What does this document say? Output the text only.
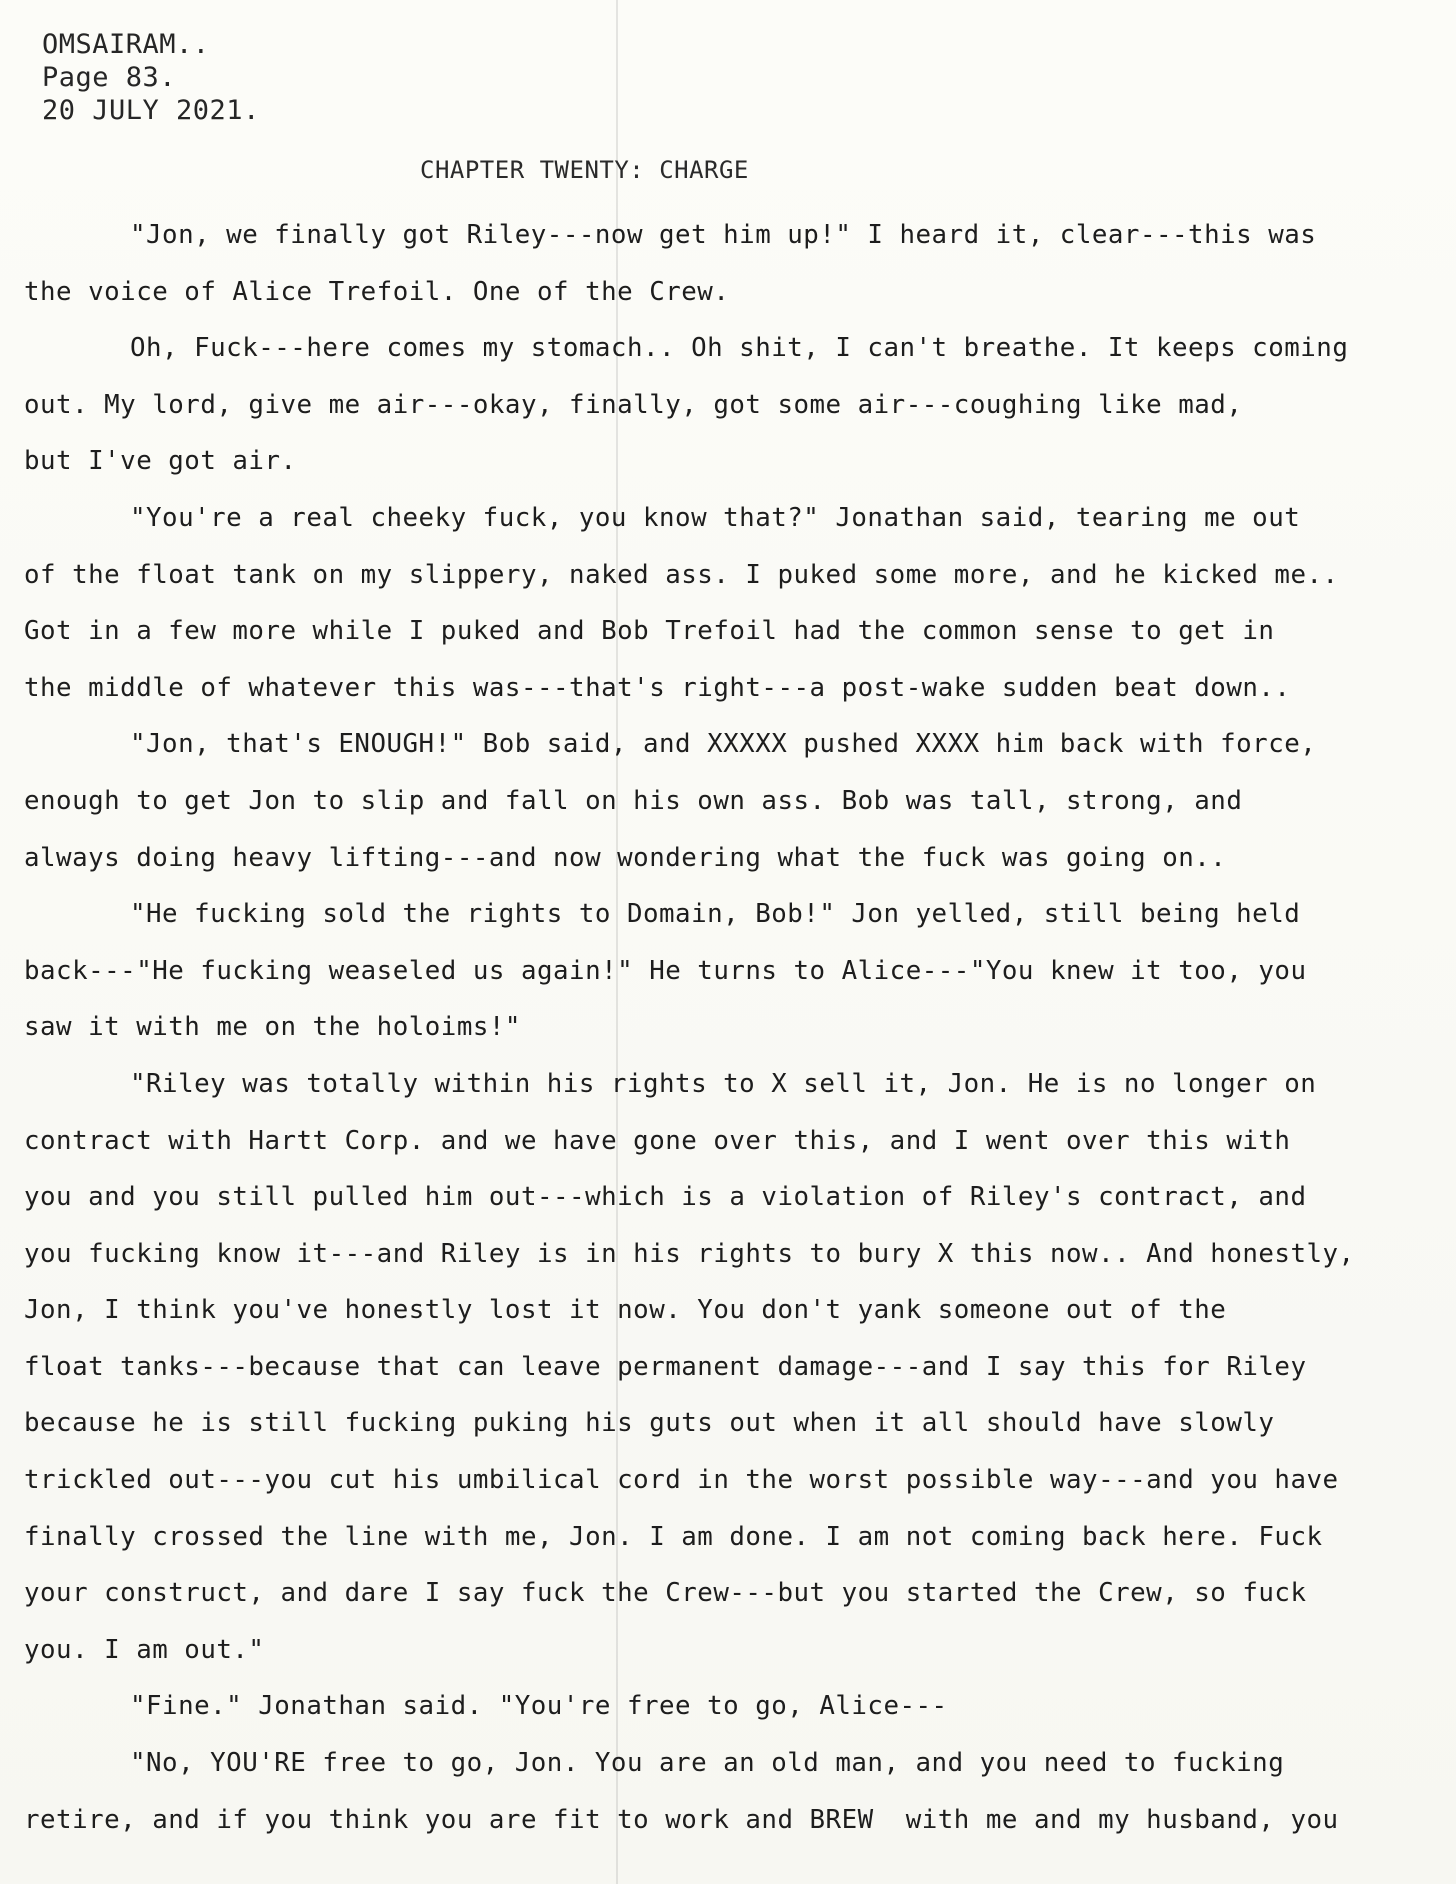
OMSAIRAM..
Page 83.
20 JULY 2021.
CHAPTER TWENTY: CHARGE
"Jon, we finally got Riley---now get him up!" I heard it, clear---this was
the voice of Alice Trefoil. One of the Crew.
Oh, Fuck---here comes my stomach.. Oh shit, I can't breathe. It keeps coming
out. My lord, give me air---okay, finally, got some air---coughing like mad,
but I've got air.
"You're a real cheeky fuck, you know that?" Jonathan said, tearing me out
of the float tank on my slippery, naked ass. I puked some more, and he kicked me..
Got in a few more while I puked and Bob Trefoil had the common sense to get in
the middle of whatever this was---that's right---a post-wake sudden beat down..
"Jon, that's ENOUGH!" Bob said, and XXXXX pushed XXXX him back with force,
enough to get Jon to slip and fall on his own ass. Bob was tall, strong, and
always doing heavy lifting---and now wondering what the fuck was going on..
"He fucking sold the rights to Domain, Bob!" Jon yelled, still being held
back---"He fucking weaseled us again!" He turns to Alice---"You knew it too, you
saw it with me on the holoims!"
"Riley was totally within his rights to X sell it, Jon. He is no longer on
contract with Hartt Corp. and we have gone over this, and I went over this with
you and you still pulled him out---which is a violation of Riley's contract, and
you fucking know it---and Riley is in his rights to bury X this now.. And honestly,
Jon, I think you've honestly lost it now. You don't yank someone out of the
float tanks---because that can leave permanent damage---and I say this for Riley
because he is still fucking puking his guts out when it all should have slowly
trickled out---you cut his umbilical cord in the worst possible way---and you have
finally crossed the line with me, Jon. I am done. I am not coming back here. Fuck
your construct, and dare I say fuck the Crew---but you started the Crew, so fuck
you. I am out."
"Fine." Jonathan said. "You're free to go, Alice---
"No, YOU'RE free to go, Jon. You are an old man, and you need to fucking
retire, and if you think you are fit to work and BREW  with me and my husband, you
